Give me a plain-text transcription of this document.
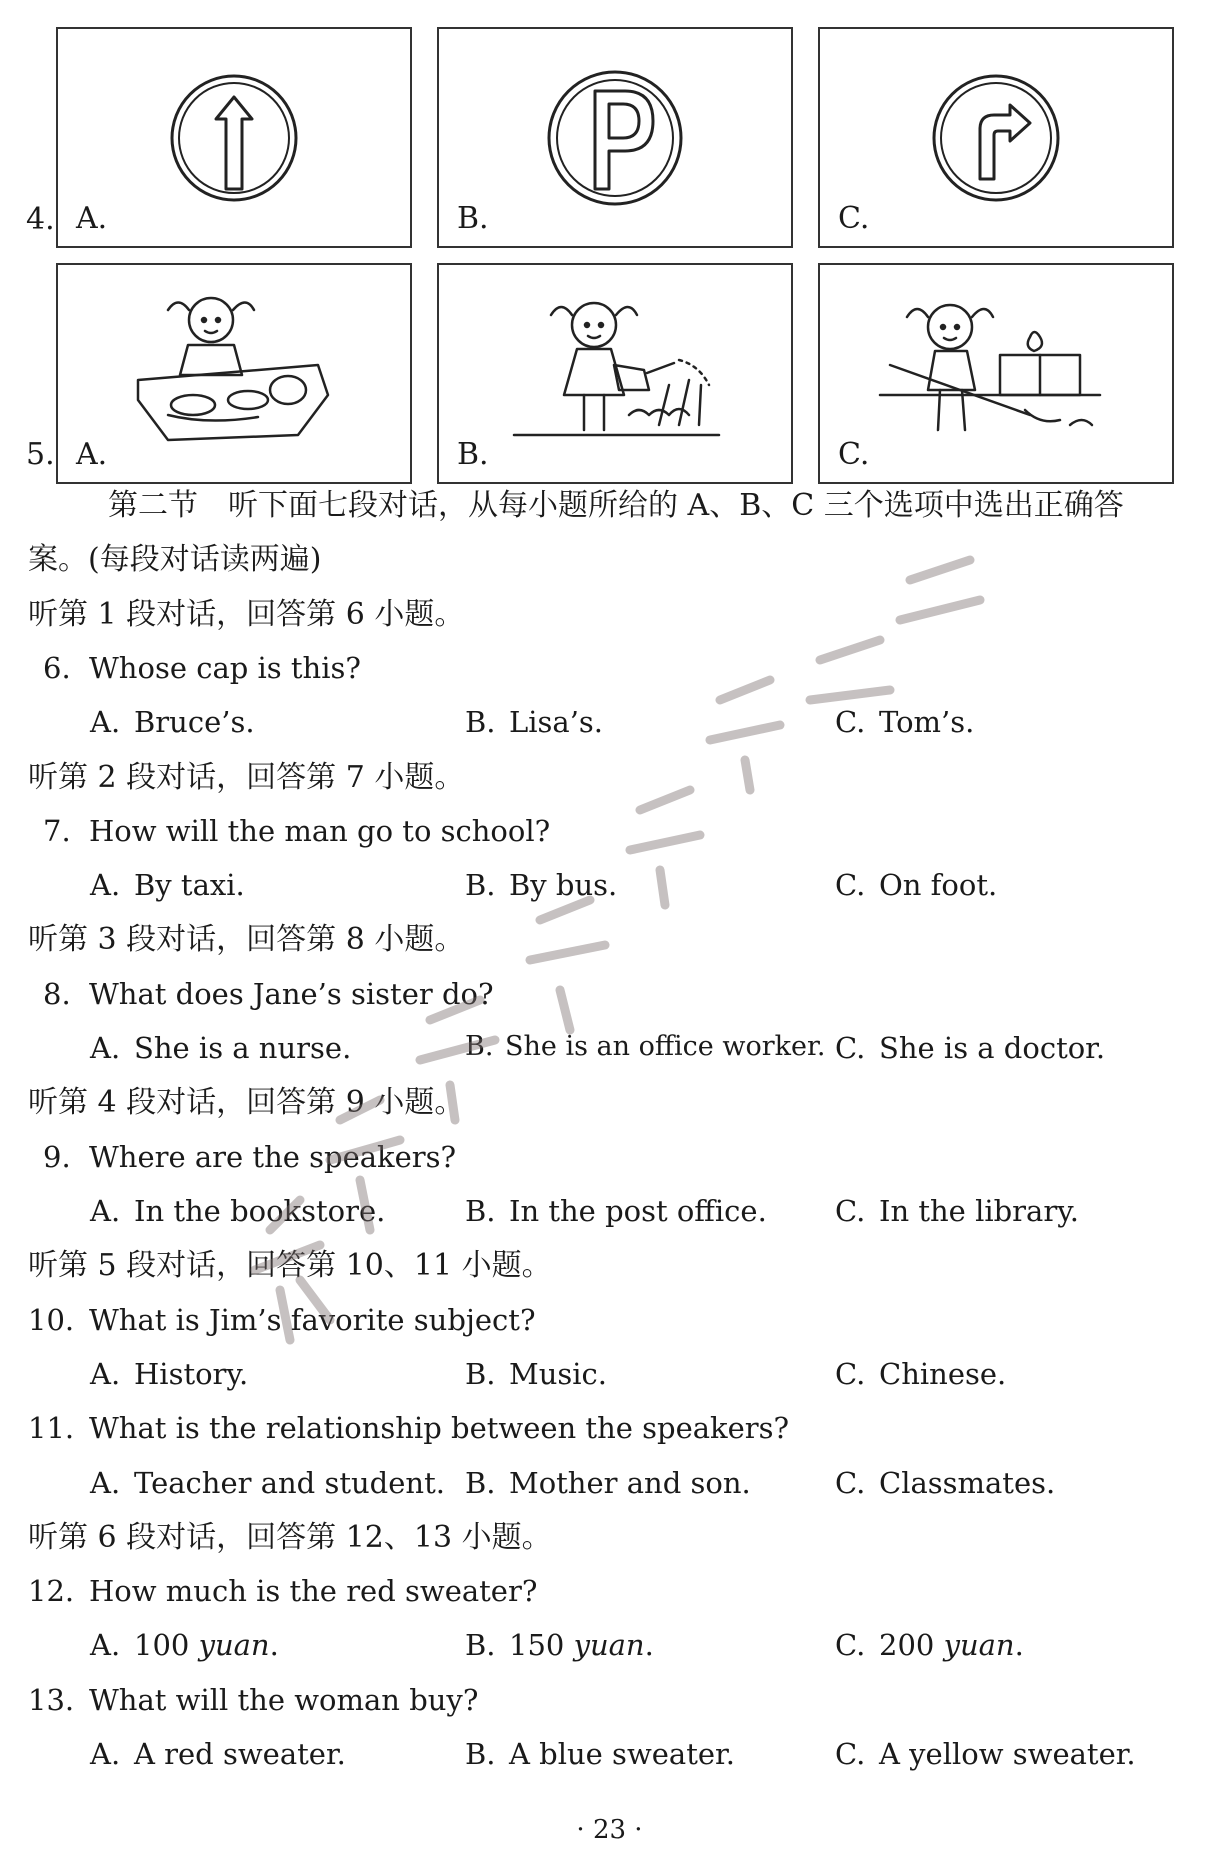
4. A.	B.	C.
5. A.	B.	C.
第二节　听下面七段对话，从每小题所给的 A、B、C 三个选项中选出正确答
案。(每段对话读两遍)
听第 1 段对话，回答第 6 小题。
6. Whose cap is this?
A. Bruce’s.	B. Lisa’s.	C. Tom’s.
听第 2 段对话，回答第 7 小题。
7. How will the man go to school?
A. By taxi.	B. By bus.	C. On foot.
听第 3 段对话，回答第 8 小题。
8. What does Jane’s sister do?
A. She is a nurse.	B. She is an office worker. C. She is a doctor.
听第 4 段对话，回答第 9 小题。
9. Where are the speakers?
A. In the bookstore.	B. In the post office. C. In the library.
听第 5 段对话，回答第 10、11 小题。
10. What is Jim’s favorite subject?
A. History.	B. Music.	C. Chinese.
11. What is the relationship between the speakers?
A. Teacher and student. B. Mother and son.	C. Classmates.
听第 6 段对话，回答第 12、13 小题。
12. How much is the red sweater?
A. 100 yuan.	B. 150 yuan.	C. 200 yuan.
13. What will the woman buy?
A. A red sweater.	B. A blue sweater.	C. A yellow sweater.
· 23 ·
